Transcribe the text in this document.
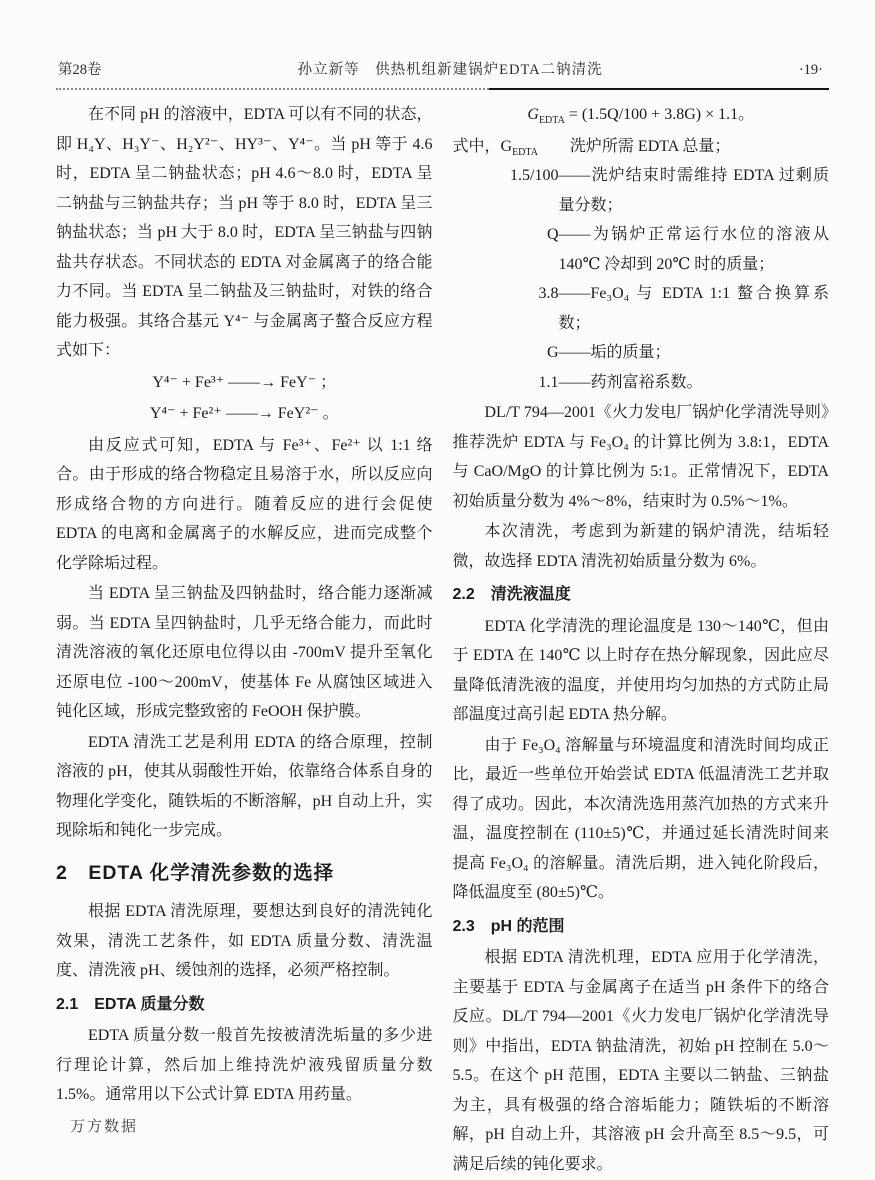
第28卷	孙立新等　供热机组新建锅炉EDTA二钠清洗	·19·
在不同 pH 的溶液中，EDTA 可以有不同的状态，即 H₄Y、H₃Y⁻、H₂Y²⁻、HY³⁻、Y⁴⁻。当 pH 等于 4.6 时，EDTA 呈二钠盐状态；pH 4.6～8.0 时，EDTA 呈二钠盐与三钠盐共存；当 pH 等于 8.0 时，EDTA 呈三钠盐状态；当 pH 大于 8.0 时，EDTA 呈三钠盐与四钠盐共存状态。不同状态的 EDTA 对金属离子的络合能力不同。当 EDTA 呈二钠盐及三钠盐时，对铁的络合能力极强。其络合基元 Y⁴⁻ 与金属离子螯合反应方程式如下：
Y⁴⁻ + Fe³⁺ ——→ FeY⁻ ；
Y⁴⁻ + Fe²⁺ ——→ FeY²⁻ 。
由反应式可知，EDTA 与 Fe³⁺、Fe²⁺ 以 1:1 络合。由于形成的络合物稳定且易溶于水，所以反应向形成络合物的方向进行。随着反应的进行会促使 EDTA 的电离和金属离子的水解反应，进而完成整个化学除垢过程。
当 EDTA 呈三钠盐及四钠盐时，络合能力逐渐减弱。当 EDTA 呈四钠盐时，几乎无络合能力，而此时清洗溶液的氧化还原电位得以由 -700mV 提升至氧化还原电位 -100～200mV，使基体 Fe 从腐蚀区域进入钝化区域，形成完整致密的 FeOOH 保护膜。
EDTA 清洗工艺是利用 EDTA 的络合原理，控制溶液的 pH，使其从弱酸性开始，依靠络合体系自身的物理化学变化，随铁垢的不断溶解，pH 自动上升，实现除垢和钝化一步完成。
2　EDTA 化学清洗参数的选择
根据 EDTA 清洗原理，要想达到良好的清洗钝化效果，清洗工艺条件，如 EDTA 质量分数、清洗温度、清洗液 pH、缓蚀剂的选择，必须严格控制。
2.1　EDTA 质量分数
EDTA 质量分数一般首先按被清洗垢量的多少进行理论计算，然后加上维持洗炉液残留质量分数 1.5%。通常用以下公式计算 EDTA 用药量。
万方数据
$G_{EDTA} = (1.5Q/100 + 3.8G) \times 1.1$。
式中，$G_{EDTA}$ 　　洗炉所需 EDTA 总量；
1.5/100 ——洗炉结束时需维持 EDTA 过剩质量分数；
Q ——为锅炉正常运行水位的溶液从 140℃ 冷却到 20℃ 时的质量；
3.8 ——Fe₃O₄ 与 EDTA 1:1 螯合换算系数；
G ——垢的质量；
1.1 ——药剂富裕系数。
DL/T 794—2001《火力发电厂锅炉化学清洗导则》推荐洗炉 EDTA 与 Fe₃O₄ 的计算比例为 3.8:1，EDTA 与 CaO/MgO 的计算比例为 5:1。正常情况下，EDTA 初始质量分数为 4%～8%，结束时为 0.5%～1%。
本次清洗，考虑到为新建的锅炉清洗，结垢轻微，故选择 EDTA 清洗初始质量分数为 6%。
2.2　清洗液温度
EDTA 化学清洗的理论温度是 130～140℃，但由于 EDTA 在 140℃ 以上时存在热分解现象，因此应尽量降低清洗液的温度，并使用均匀加热的方式防止局部温度过高引起 EDTA 热分解。
由于 Fe₃O₄ 溶解量与环境温度和清洗时间均成正比，最近一些单位开始尝试 EDTA 低温清洗工艺并取得了成功。因此，本次清洗选用蒸汽加热的方式来升温，温度控制在 (110±5)℃，并通过延长清洗时间来提高 Fe₃O₄ 的溶解量。清洗后期，进入钝化阶段后，降低温度至 (80±5)℃。
2.3　pH 的范围
根据 EDTA 清洗机理，EDTA 应用于化学清洗，主要基于 EDTA 与金属离子在适当 pH 条件下的络合反应。DL/T 794—2001《火力发电厂锅炉化学清洗导则》中指出，EDTA 钠盐清洗，初始 pH 控制在 5.0～5.5。在这个 pH 范围，EDTA 主要以二钠盐、三钠盐为主，具有极强的络合溶垢能力；随铁垢的不断溶解，pH 自动上升，其溶液 pH 会升高至 8.5～9.5，可满足后续的钝化要求。
